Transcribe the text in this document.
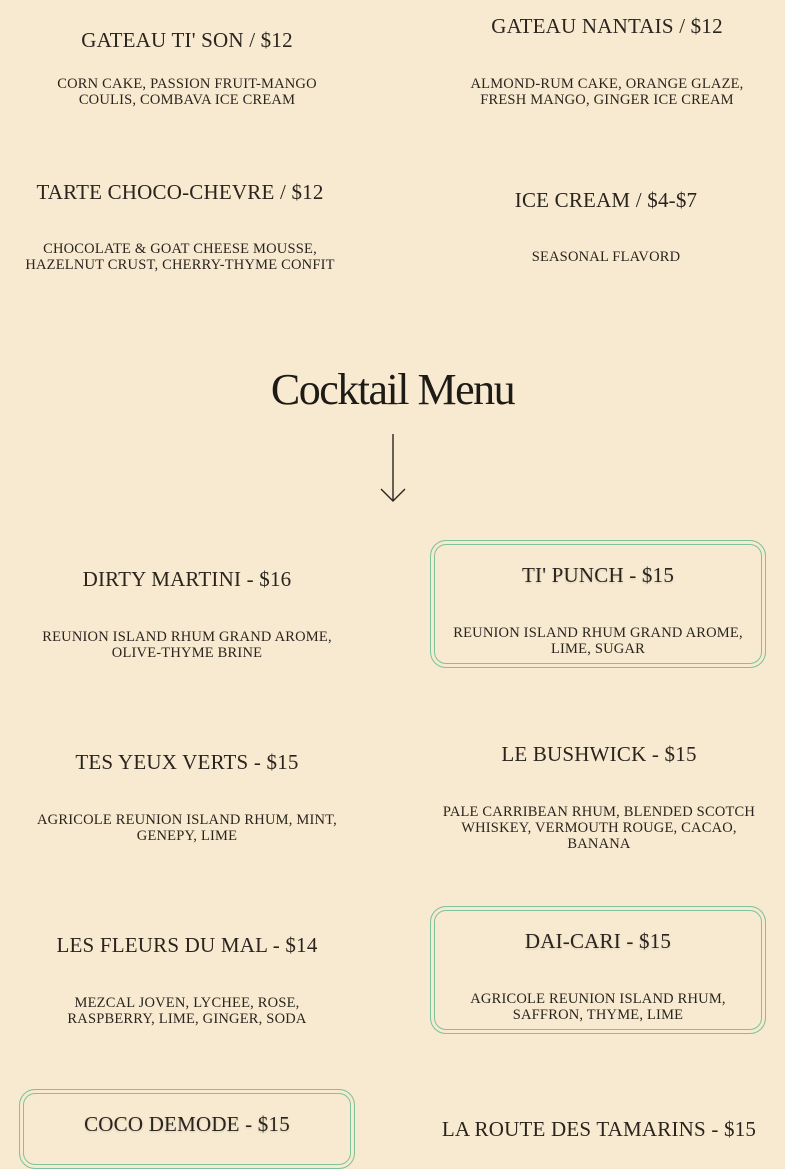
GATEAU TI' SON / $12
CORN CAKE, PASSION FRUIT-MANGO COULIS, COMBAVA ICE CREAM
GATEAU NANTAIS / $12
ALMOND-RUM CAKE, ORANGE GLAZE, FRESH MANGO, GINGER ICE CREAM
TARTE CHOCO-CHEVRE / $12
CHOCOLATE & GOAT CHEESE MOUSSE, HAZELNUT CRUST, CHERRY-THYME CONFIT
ICE CREAM / $4-$7
SEASONAL FLAVORD
Cocktail Menu
DIRTY MARTINI - $16
REUNION ISLAND RHUM GRAND AROME, OLIVE-THYME BRINE
TI' PUNCH - $15
REUNION ISLAND RHUM GRAND AROME, LIME, SUGAR
TES YEUX VERTS - $15
AGRICOLE REUNION ISLAND RHUM, MINT, GENEPY, LIME
LE BUSHWICK - $15
PALE CARRIBEAN RHUM, BLENDED SCOTCH WHISKEY, VERMOUTH ROUGE, CACAO, BANANA
LES FLEURS DU MAL - $14
MEZCAL JOVEN, LYCHEE, ROSE, RASPBERRY, LIME, GINGER, SODA
DAI-CARI - $15
AGRICOLE REUNION ISLAND RHUM, SAFFRON, THYME, LIME
COCO DEMODE - $15	LA ROUTE DES TAMARINS - $15
